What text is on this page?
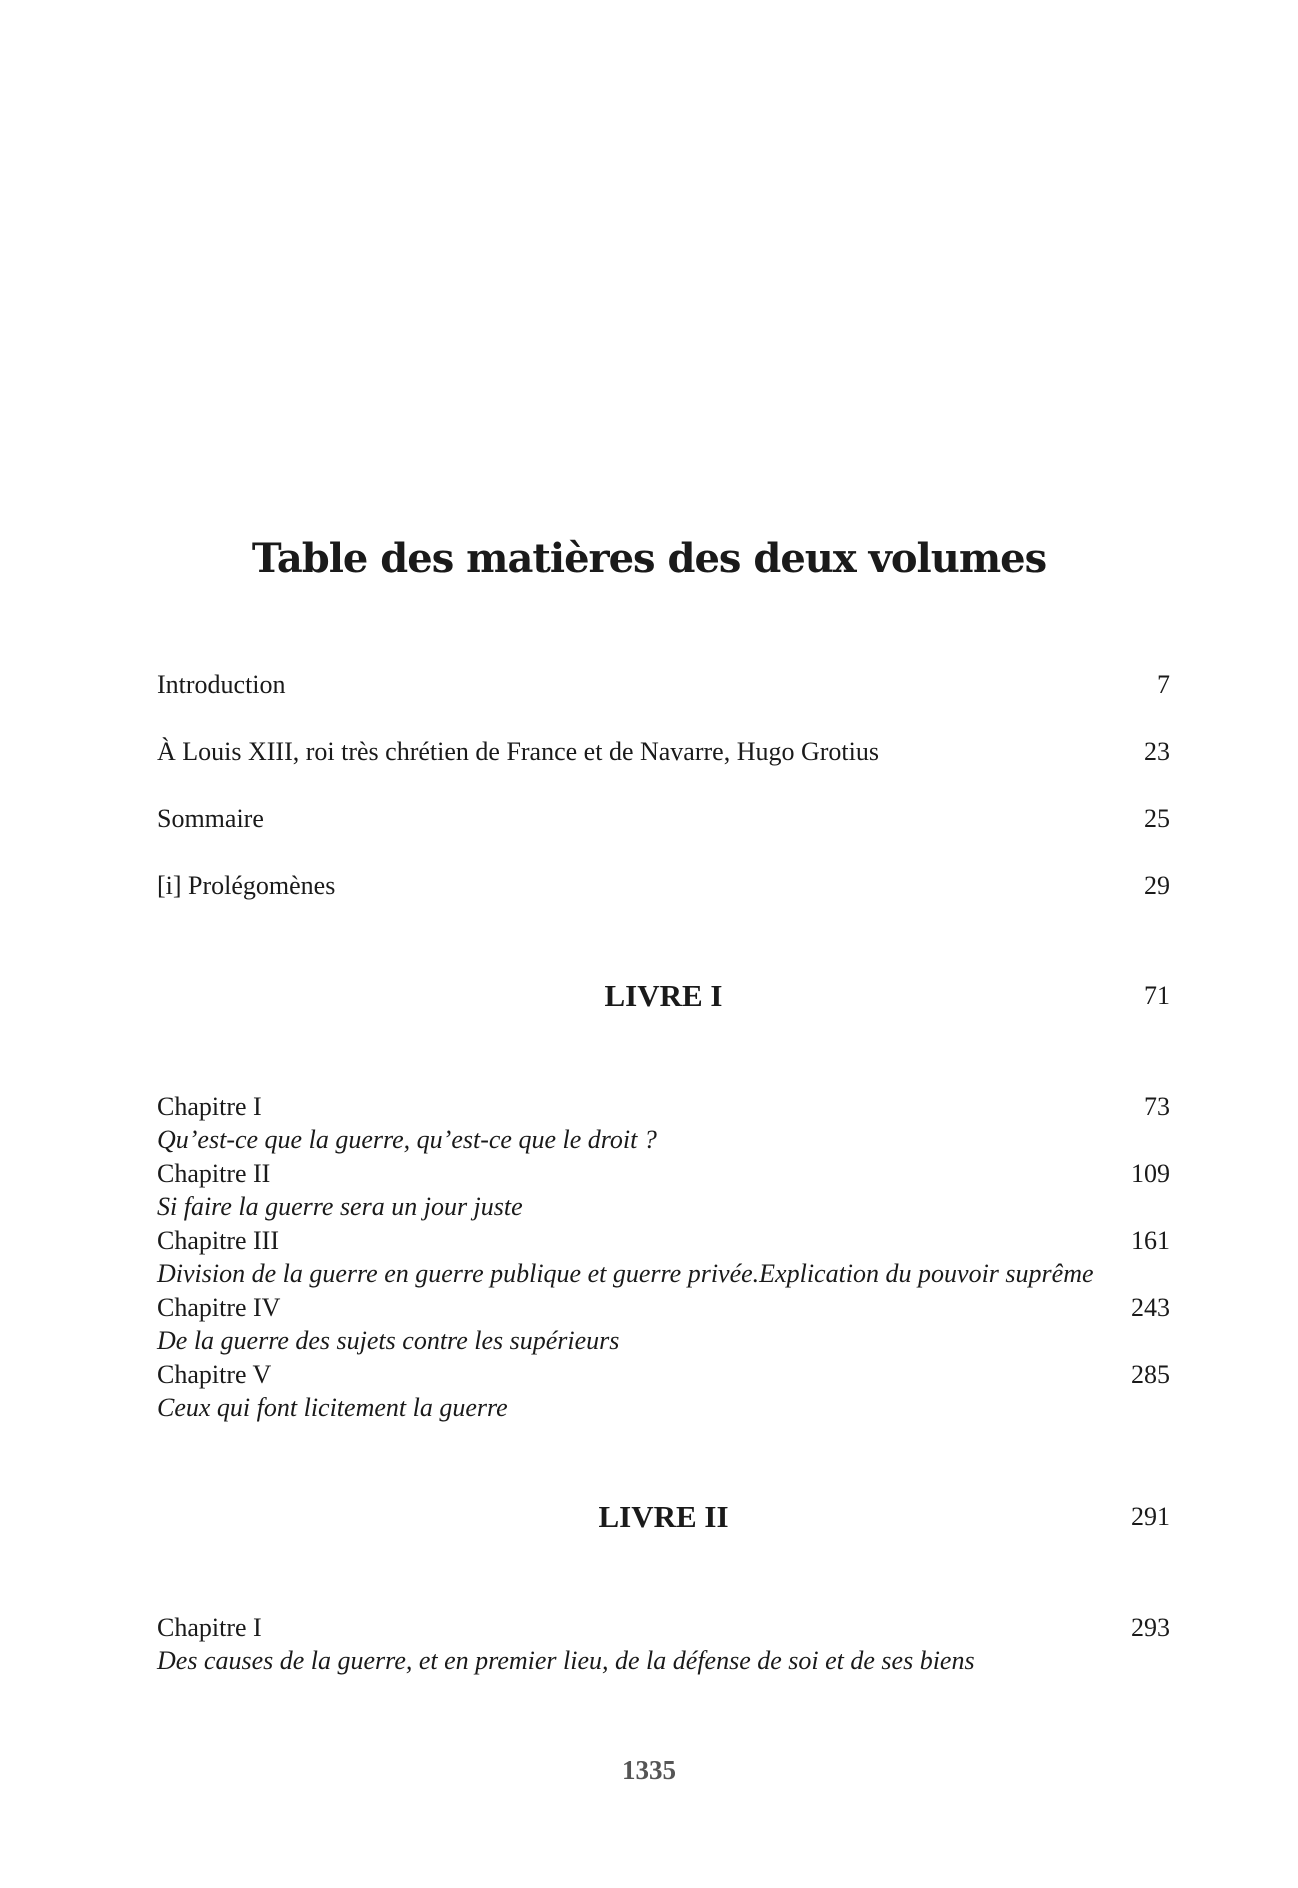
Table des matières des deux volumes
Introduction	7
À Louis XIII, roi très chrétien de France et de Navarre, Hugo Grotius	23
Sommaire	25
[i] Prolégomènes	29
LIVRE I	71
Chapitre I	73
Qu’est-ce que la guerre, qu’est-ce que le droit ?
Chapitre II	109
Si faire la guerre sera un jour juste
Chapitre III	161
Division de la guerre en guerre publique et guerre privée.Explication du pouvoir suprême
Chapitre IV	243
De la guerre des sujets contre les supérieurs
Chapitre V	285
Ceux qui font licitement la guerre
LIVRE II	291
Chapitre I	293
Des causes de la guerre, et en premier lieu, de la défense de soi et de ses biens
1335
